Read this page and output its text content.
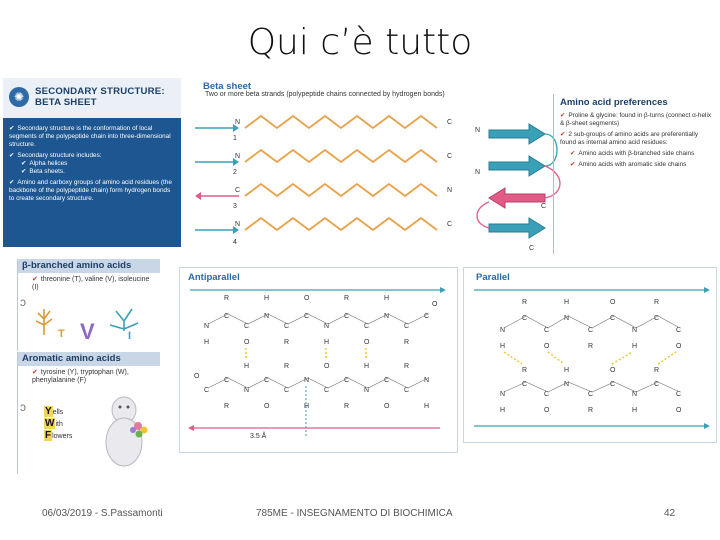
Qui c’è tutto
✺	SECONDARY STRUCTURE:
BETA SHEET
✔ Secondary structure is the conformation of local segments of the polypeptide chain into three-dimensional structure.
✔ Secondary structure includes:
✔ Alpha helices
✔ Beta sheets.
✔ Amino and carboxy groups of amino acid residues (the backbone of the polypeptide chain) form hydrogen bonds to create secondary structure.
β-branched amino acids
✔ threonine (T), valine (V), isoleucine (I)
ↄ
T V	I
Aromatic amino acids
✔ tyrosine (Y), tryptophan (W), phenylalanine (F)
ↄ Yells
With
Flowers
Beta sheet
Two or more beta strands (polypeptide chains connected by hydrogen bonds)
1
N	C
2
N	C
3
C	N
4
N	C
N
C
N
C
Amino acid preferences
✔ Proline & glycine: found in β-turns (connect α-helix & β-sheet segments)
✔ 2 sub-groups of amino acids are preferentially found as internal amino acid residues:
✔ Amino acids with β-branched side chains
✔ Amino acids with aromatic side chains
Antiparallel
R	H	O	R	H
O
N
C
C
N
C
C
N
C
C
N
C
C
H	O	R	H	O	R
H	R	O	H	R
O
C
C
N
C
C
N
C
C
N
C
C
N
R	O	H	R	O	H
3.5 Å
Parallel
R	H	O	R
N
C
C
N
C
C
N
C
C
H	O	R	H	O
R	H	O	R
N
C
C
N
C
C
N
C
C
H	O	R	H	O
06/03/2019 - S.Passamonti	785ME - INSEGNAMENTO DI BIOCHIMICA	42
